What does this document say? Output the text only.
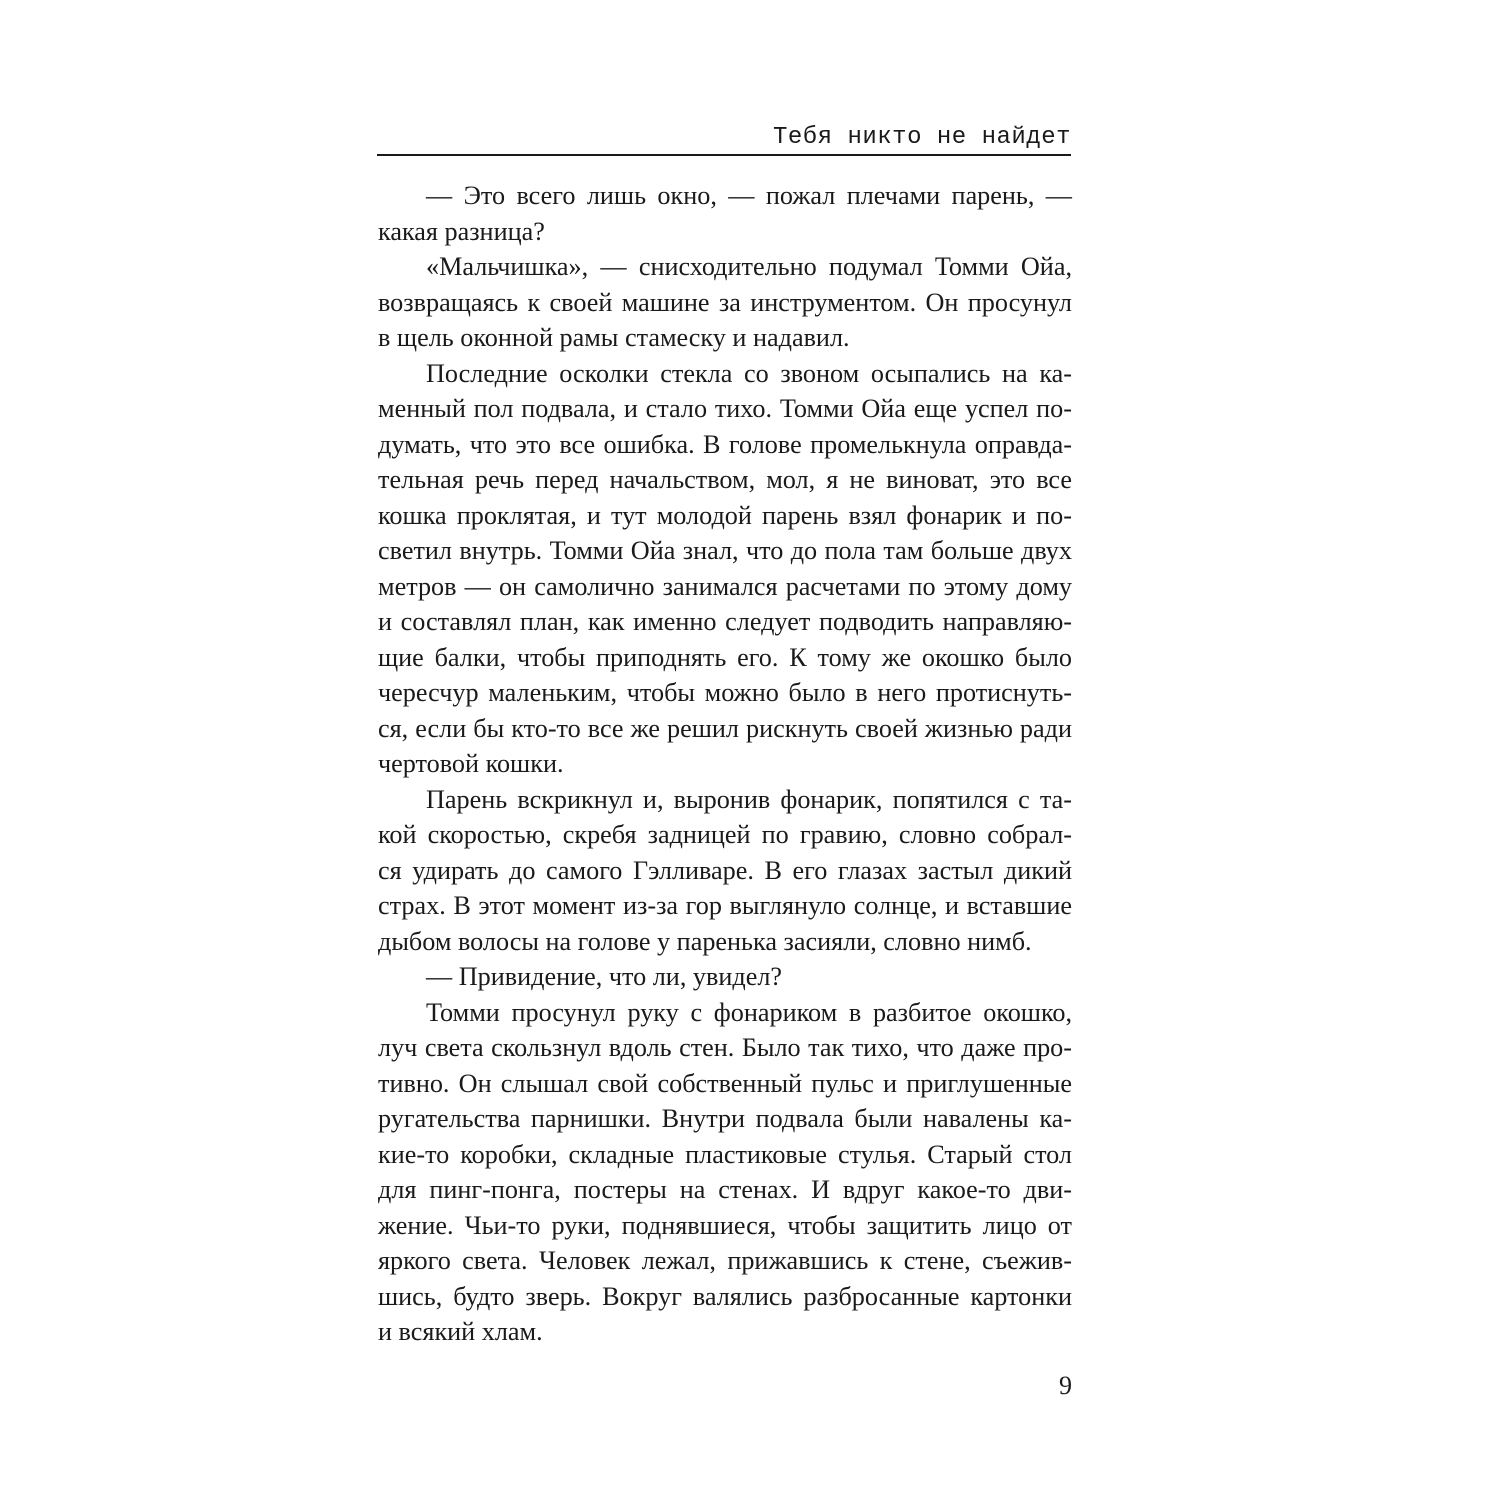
Тебя никто не найдет

— Это всего лишь окно, — пожал плечами парень, —
какая разница?

«Мальчишка», — снисходительно подумал Томми Ойа,
возвращаясь к своей машине за инструментом. Он просунул
в щель оконной рамы стамеску и надавил.

Последние осколки стекла со звоном осыпались на ка-
менный пол подвала, и стало тихо. Томми Ойа еще успел по-
думать, что это все ошибка. В голове промелькнула оправда-
тельная речь перед начальством, мол, я не виноват, это все
кошка проклятая, и тут молодой парень взял фонарик и по-
светил внутрь. Томми Ойа знал, что до пола там больше двух
метров — он самолично занимался расчетами по этому дому
и составлял план, как именно следует подводить направляю-
щие балки, чтобы приподнять его. К тому же окошко было
чересчур маленьким, чтобы можно было в него протиснуть-
ся, если бы кто-то все же решил рискнуть своей жизнью ради
чертовой кошки.

Парень вскрикнул и, выронив фонарик, попятился с та-
кой скоростью, скребя задницей по гравию, словно собрал-
ся удирать до самого Гэлливаре. В его глазах застыл дикий
страх. В этот момент из-за гор выглянуло солнце, и вставшие
дыбом волосы на голове у паренька засияли, словно нимб.

— Привидение, что ли, увидел?

Томми просунул руку с фонариком в разбитое окошко,
луч света скользнул вдоль стен. Было так тихо, что даже про-
тивно. Он слышал свой собственный пульс и приглушенные
ругательства парнишки. Внутри подвала были навалены ка-
кие-то коробки, складные пластиковые стулья. Старый стол
для пинг-понга, постеры на стенах. И вдруг какое-то дви-
жение. Чьи-то руки, поднявшиеся, чтобы защитить лицо от
яркого света. Человек лежал, прижавшись к стене, съежив-
шись, будто зверь. Вокруг валялись разбросанные картонки
и всякий хлам.

9
